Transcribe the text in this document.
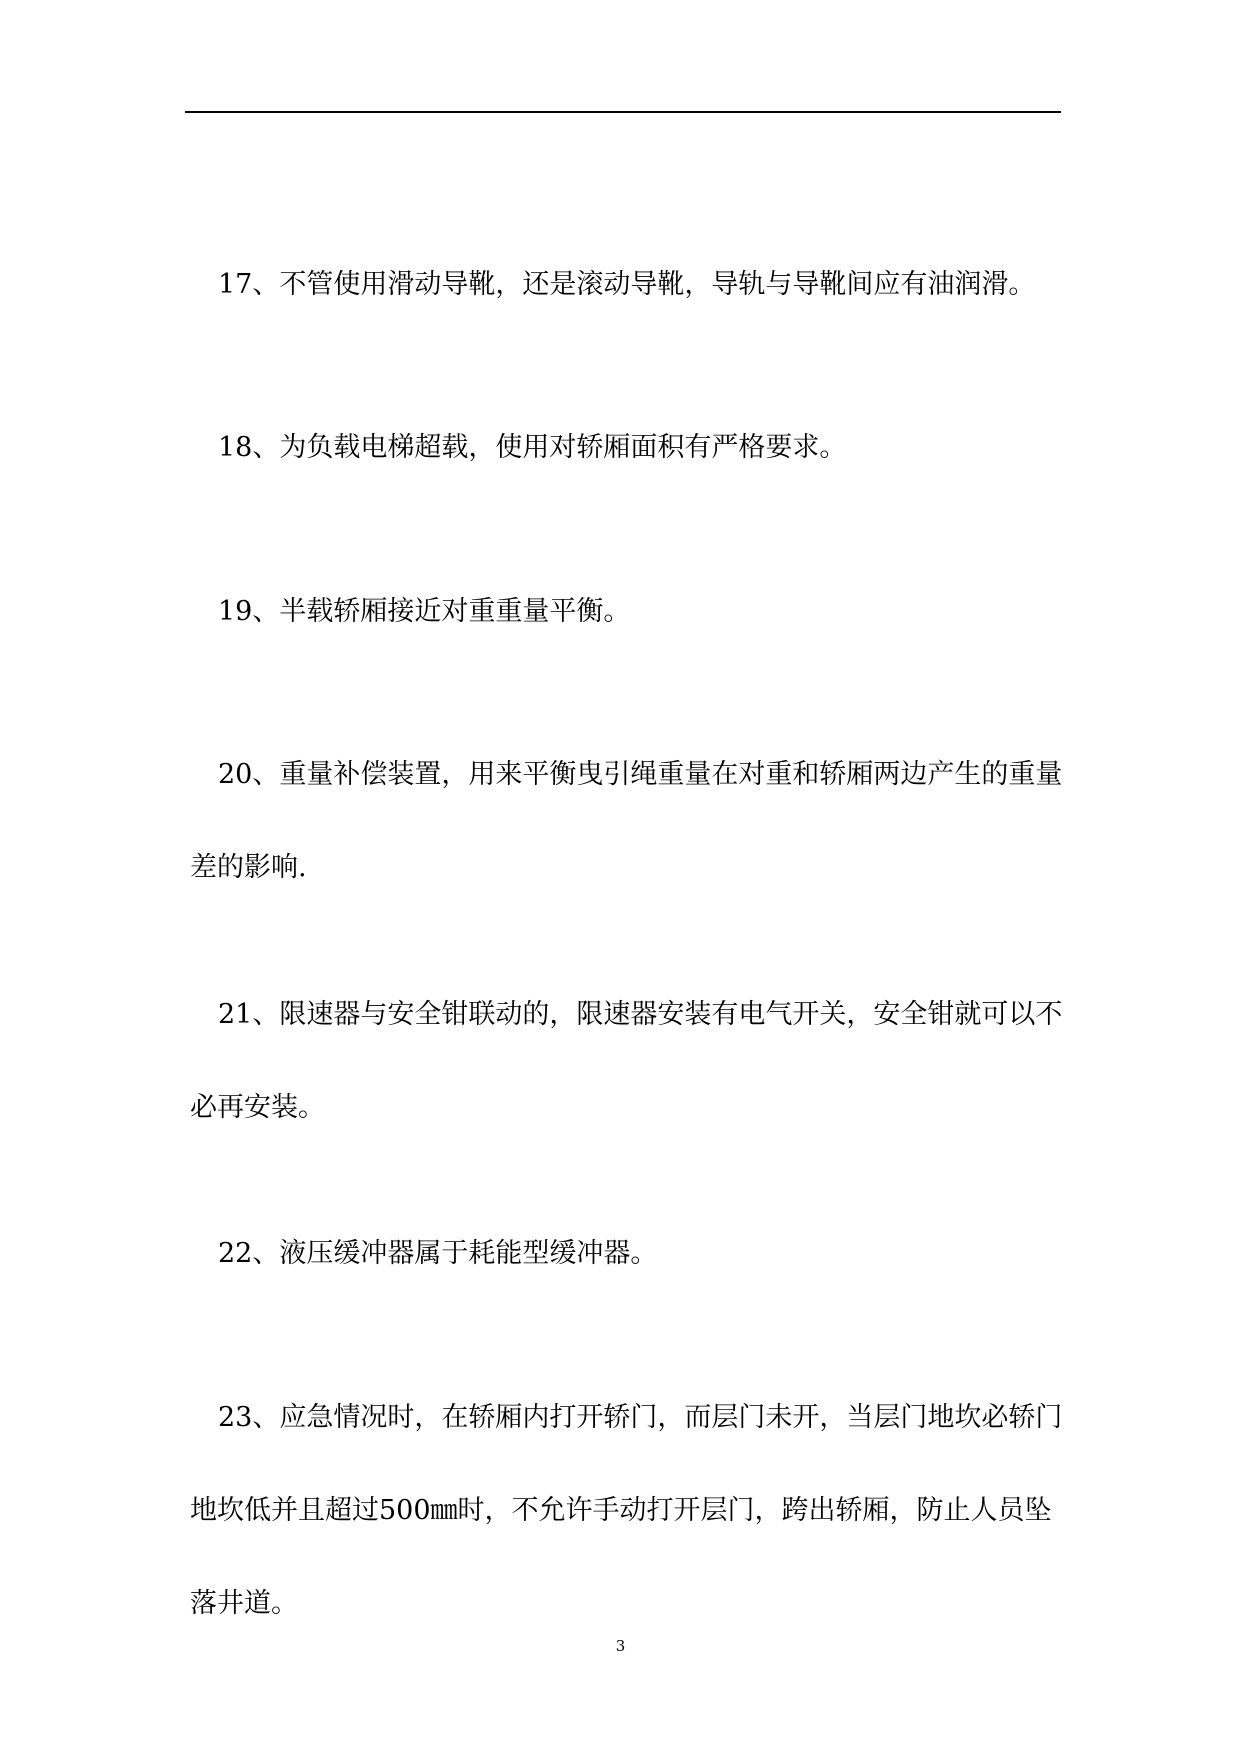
17、不管使用滑动导靴，还是滚动导靴，导轨与导靴间应有油润滑。

18、为负载电梯超载，使用对轿厢面积有严格要求。

19、半载轿厢接近对重重量平衡。

20、重量补偿装置，用来平衡曳引绳重量在对重和轿厢两边产生的重量差的影响.

21、限速器与安全钳联动的，限速器安装有电气开关，安全钳就可以不必再安装。

22、液压缓冲器属于耗能型缓冲器。

23、应急情况时，在轿厢内打开轿门，而层门未开，当层门地坎必轿门地坎低并且超过500㎜时，不允许手动打开层门，跨出轿厢，防止人员坠落井道。

3
